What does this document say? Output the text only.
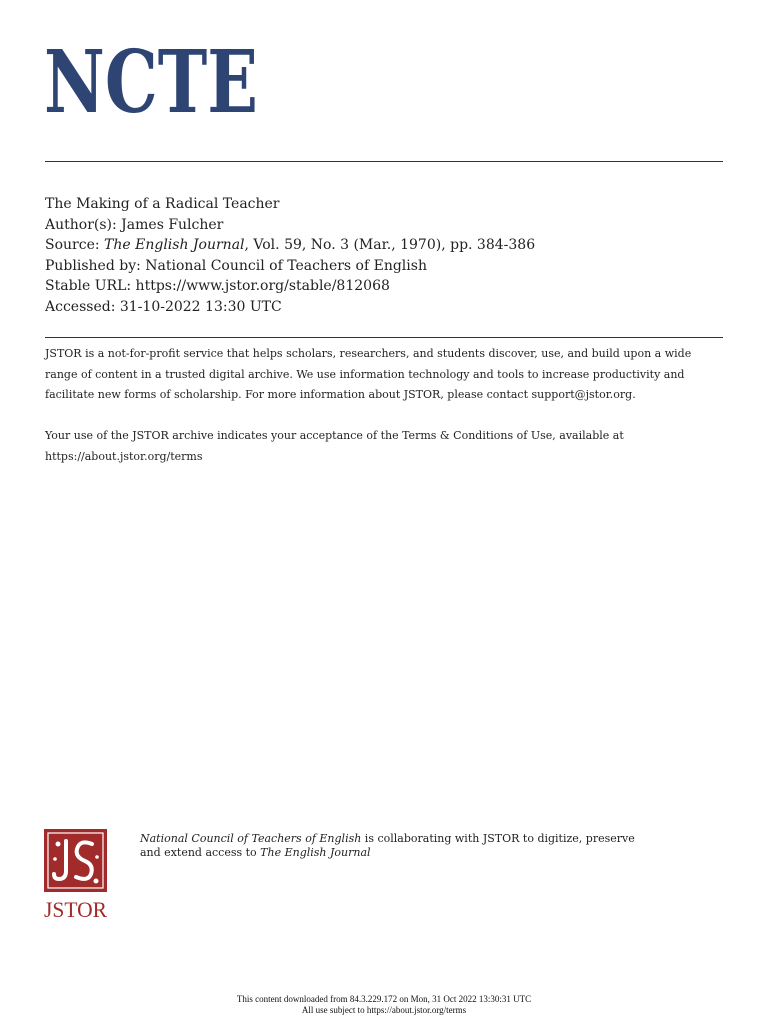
NCTE
The Making of a Radical Teacher
Author(s): James Fulcher
Source: The English Journal, Vol. 59, No. 3 (Mar., 1970), pp. 384-386
Published by: National Council of Teachers of English
Stable URL: https://www.jstor.org/stable/812068
Accessed: 31-10-2022 13:30 UTC

JSTOR is a not-for-profit service that helps scholars, researchers, and students discover, use, and build upon a wide range of content in a trusted digital archive. We use information technology and tools to increase productivity and facilitate new forms of scholarship. For more information about JSTOR, please contact support@jstor.org.

Your use of the JSTOR archive indicates your acceptance of the Terms & Conditions of Use, available at https://about.jstor.org/terms

JSTOR
National Council of Teachers of English is collaborating with JSTOR to digitize, preserve
and extend access to The English Journal
This content downloaded from 84.3.229.172 on Mon, 31 Oct 2022 13:30:31 UTC
All use subject to https://about.jstor.org/terms
